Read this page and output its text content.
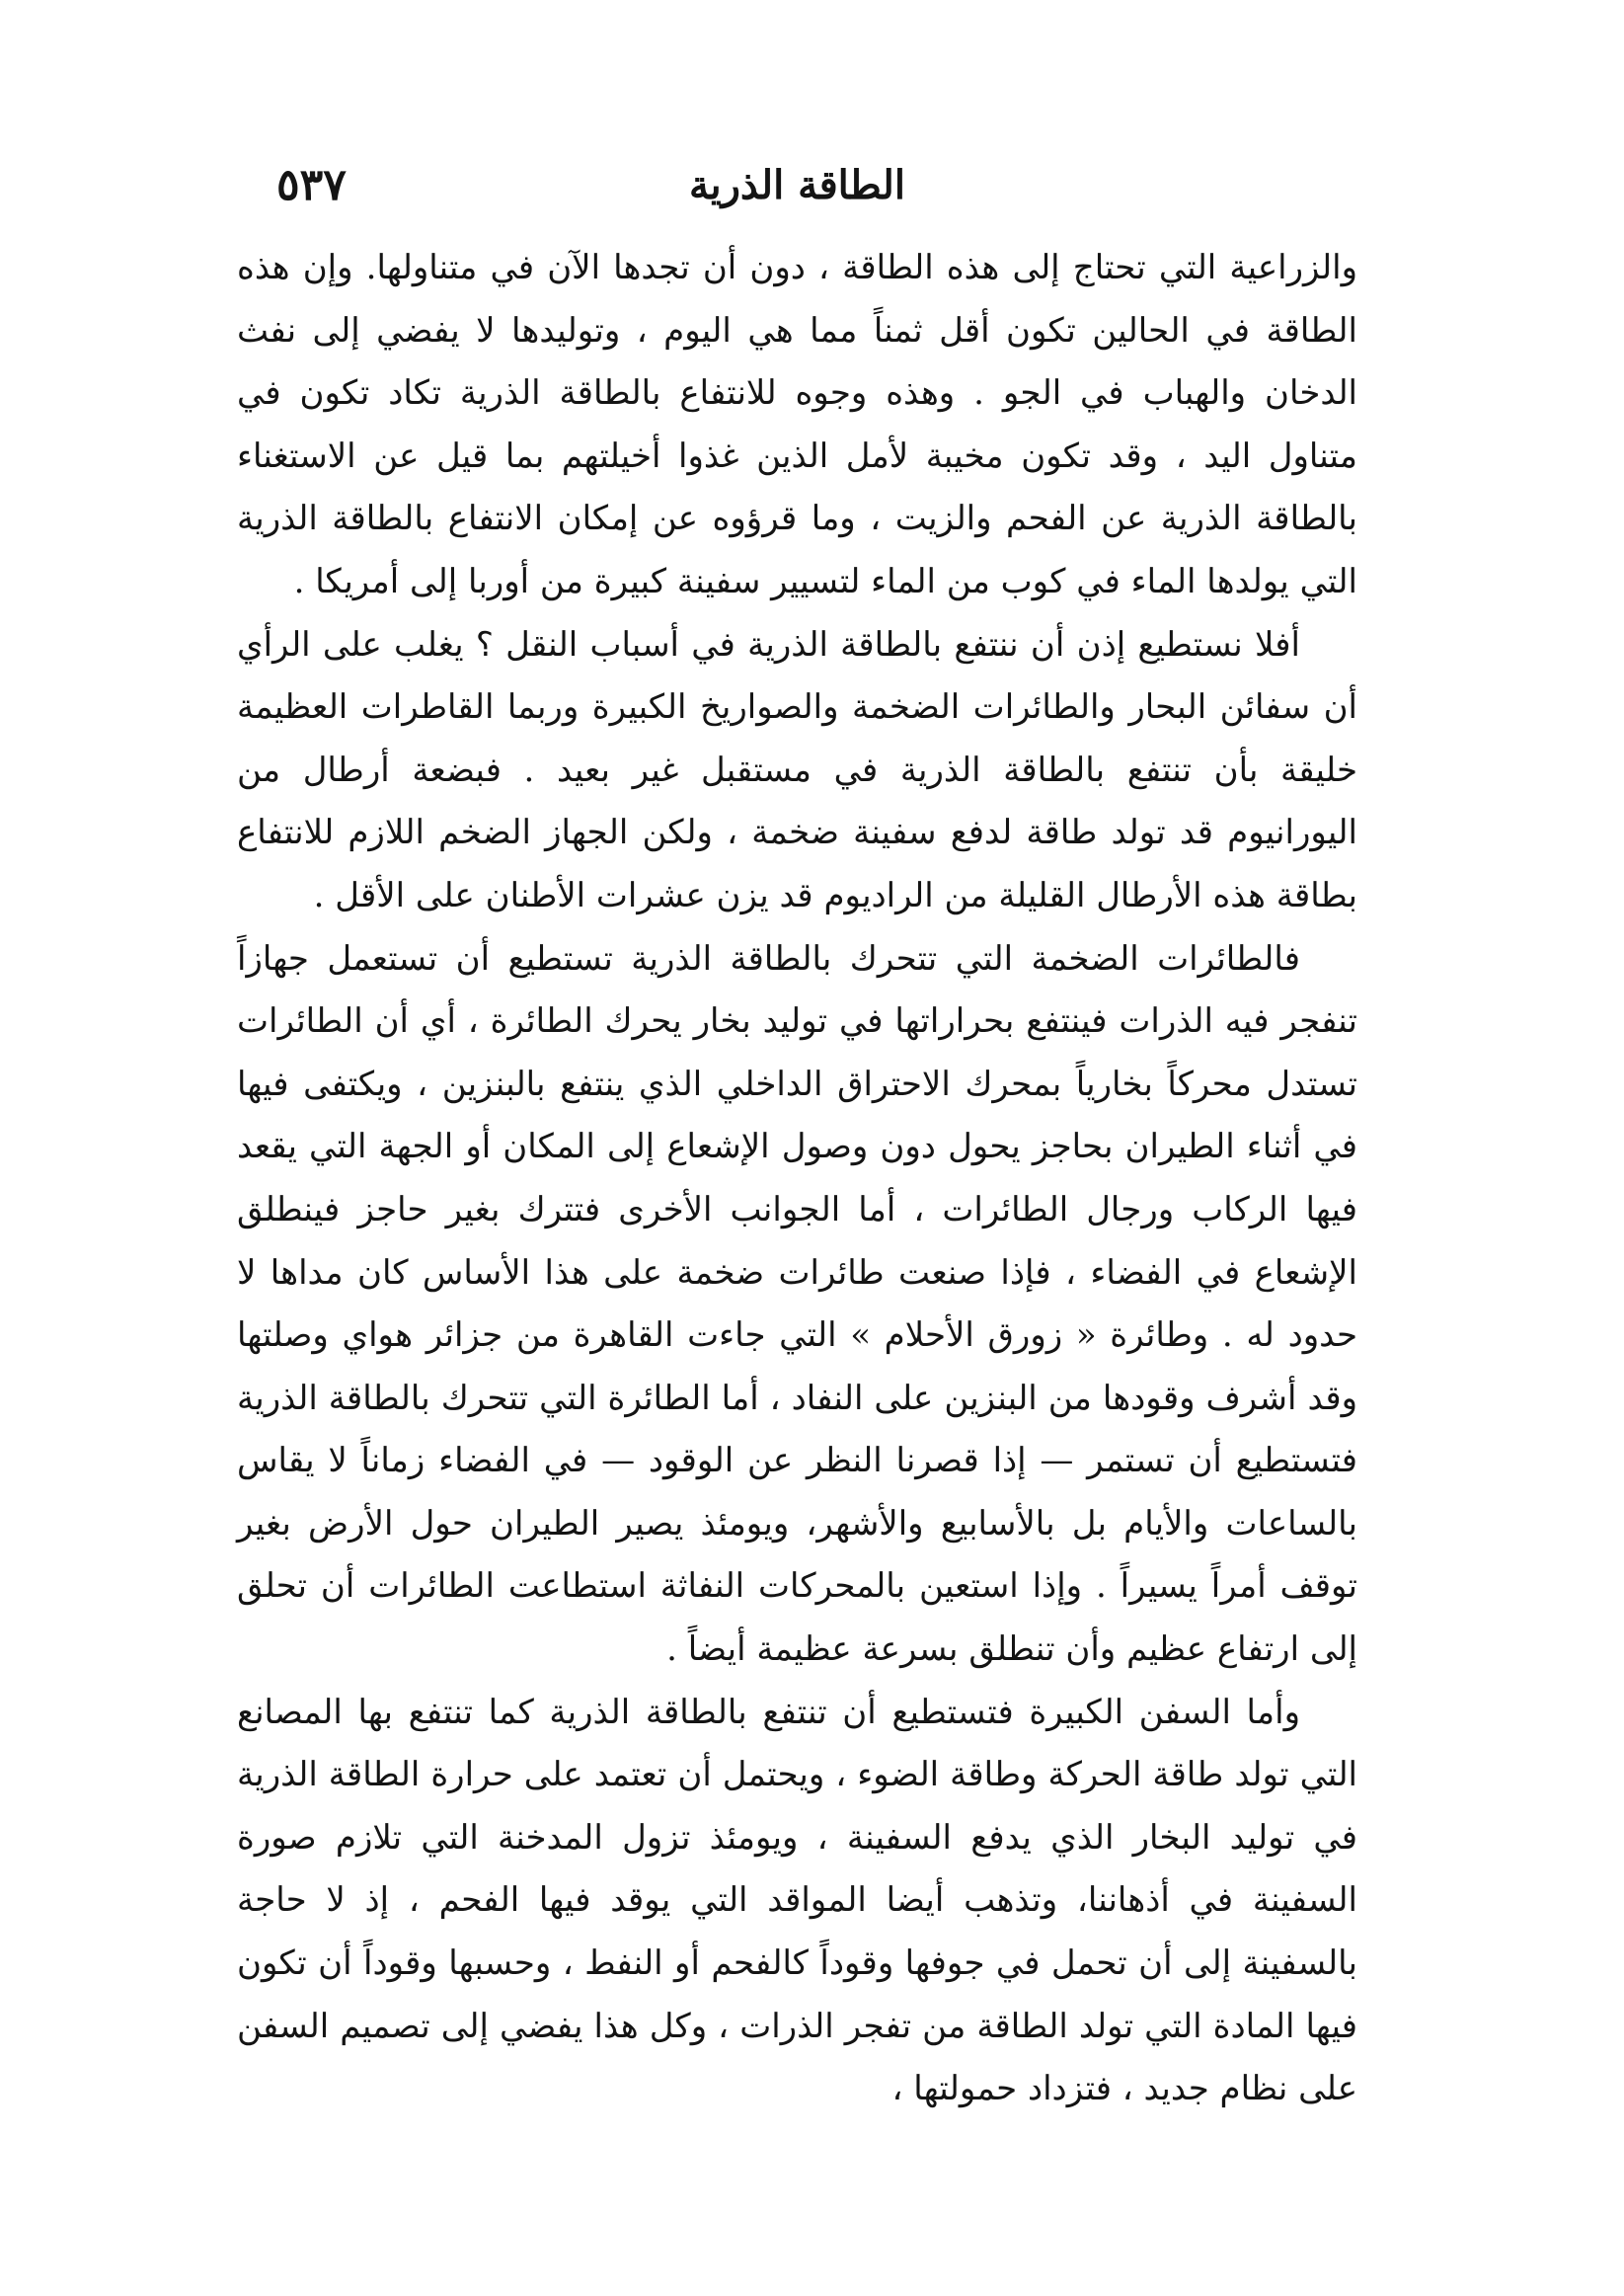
الطاقة الذرية
٥٣٧

والزراعية التي تحتاج إلى هذه الطاقة ، دون أن تجدها الآن في متناولها. وإن هذه الطاقة في الحالين تكون أقل ثمناً مما هي اليوم ، وتوليدها لا يفضي إلى نفث الدخان والهباب في الجو . وهذه وجوه للانتفاع بالطاقة الذرية تكاد تكون في متناول اليد ، وقد تكون مخيبة لأمل الذين غذوا أخيلتهم بما قيل عن الاستغناء بالطاقة الذرية عن الفحم والزيت ، وما قرؤوه عن إمكان الانتفاع بالطاقة الذرية التي يولدها الماء في كوب من الماء لتسيير سفينة كبيرة من أوربا إلى أمريكا .

أفلا نستطيع إذن أن ننتفع بالطاقة الذرية في أسباب النقل ؟ يغلب على الرأي أن سفائن البحار والطائرات الضخمة والصواريخ الكبيرة وربما القاطرات العظيمة خليقة بأن تنتفع بالطاقة الذرية في مستقبل غير بعيد . فبضعة أرطال من اليورانيوم قد تولد طاقة لدفع سفينة ضخمة ، ولكن الجهاز الضخم اللازم للانتفاع بطاقة هذه الأرطال القليلة من الراديوم قد يزن عشرات الأطنان على الأقل .

فالطائرات الضخمة التي تتحرك بالطاقة الذرية تستطيع أن تستعمل جهازاً تنفجر فيه الذرات فينتفع بحراراتها في توليد بخار يحرك الطائرة ، أي أن الطائرات تستدل محركاً بخارياً بمحرك الاحتراق الداخلي الذي ينتفع بالبنزين ، ويكتفى فيها في أثناء الطيران بحاجز يحول دون وصول الإشعاع إلى المكان أو الجهة التي يقعد فيها الركاب ورجال الطائرات ، أما الجوانب الأخرى فتترك بغير حاجز فينطلق الإشعاع في الفضاء ، فإذا صنعت طائرات ضخمة على هذا الأساس كان مداها لا حدود له . وطائرة « زورق الأحلام » التي جاءت القاهرة من جزائر هواي وصلتها وقد أشرف وقودها من البنزين على النفاد ، أما الطائرة التي تتحرك بالطاقة الذرية فتستطيع أن تستمر — إذا قصرنا النظر عن الوقود — في الفضاء زماناً لا يقاس بالساعات والأيام بل بالأسابيع والأشهر، ويومئذ يصير الطيران حول الأرض بغير توقف أمراً يسيراً . وإذا استعين بالمحركات النفاثة استطاعت الطائرات أن تحلق إلى ارتفاع عظيم وأن تنطلق بسرعة عظيمة أيضاً .

وأما السفن الكبيرة فتستطيع أن تنتفع بالطاقة الذرية كما تنتفع بها المصانع التي تولد طاقة الحركة وطاقة الضوء ، ويحتمل أن تعتمد على حرارة الطاقة الذرية في توليد البخار الذي يدفع السفينة ، ويومئذ تزول المدخنة التي تلازم صورة السفينة في أذهاننا، وتذهب أيضا المواقد التي يوقد فيها الفحم ، إذ لا حاجة بالسفينة إلى أن تحمل في جوفها وقوداً كالفحم أو النفط ، وحسبها وقوداً أن تكون فيها المادة التي تولد الطاقة من تفجر الذرات ، وكل هذا يفضي إلى تصميم السفن على نظام جديد ، فتزداد حمولتها ،
